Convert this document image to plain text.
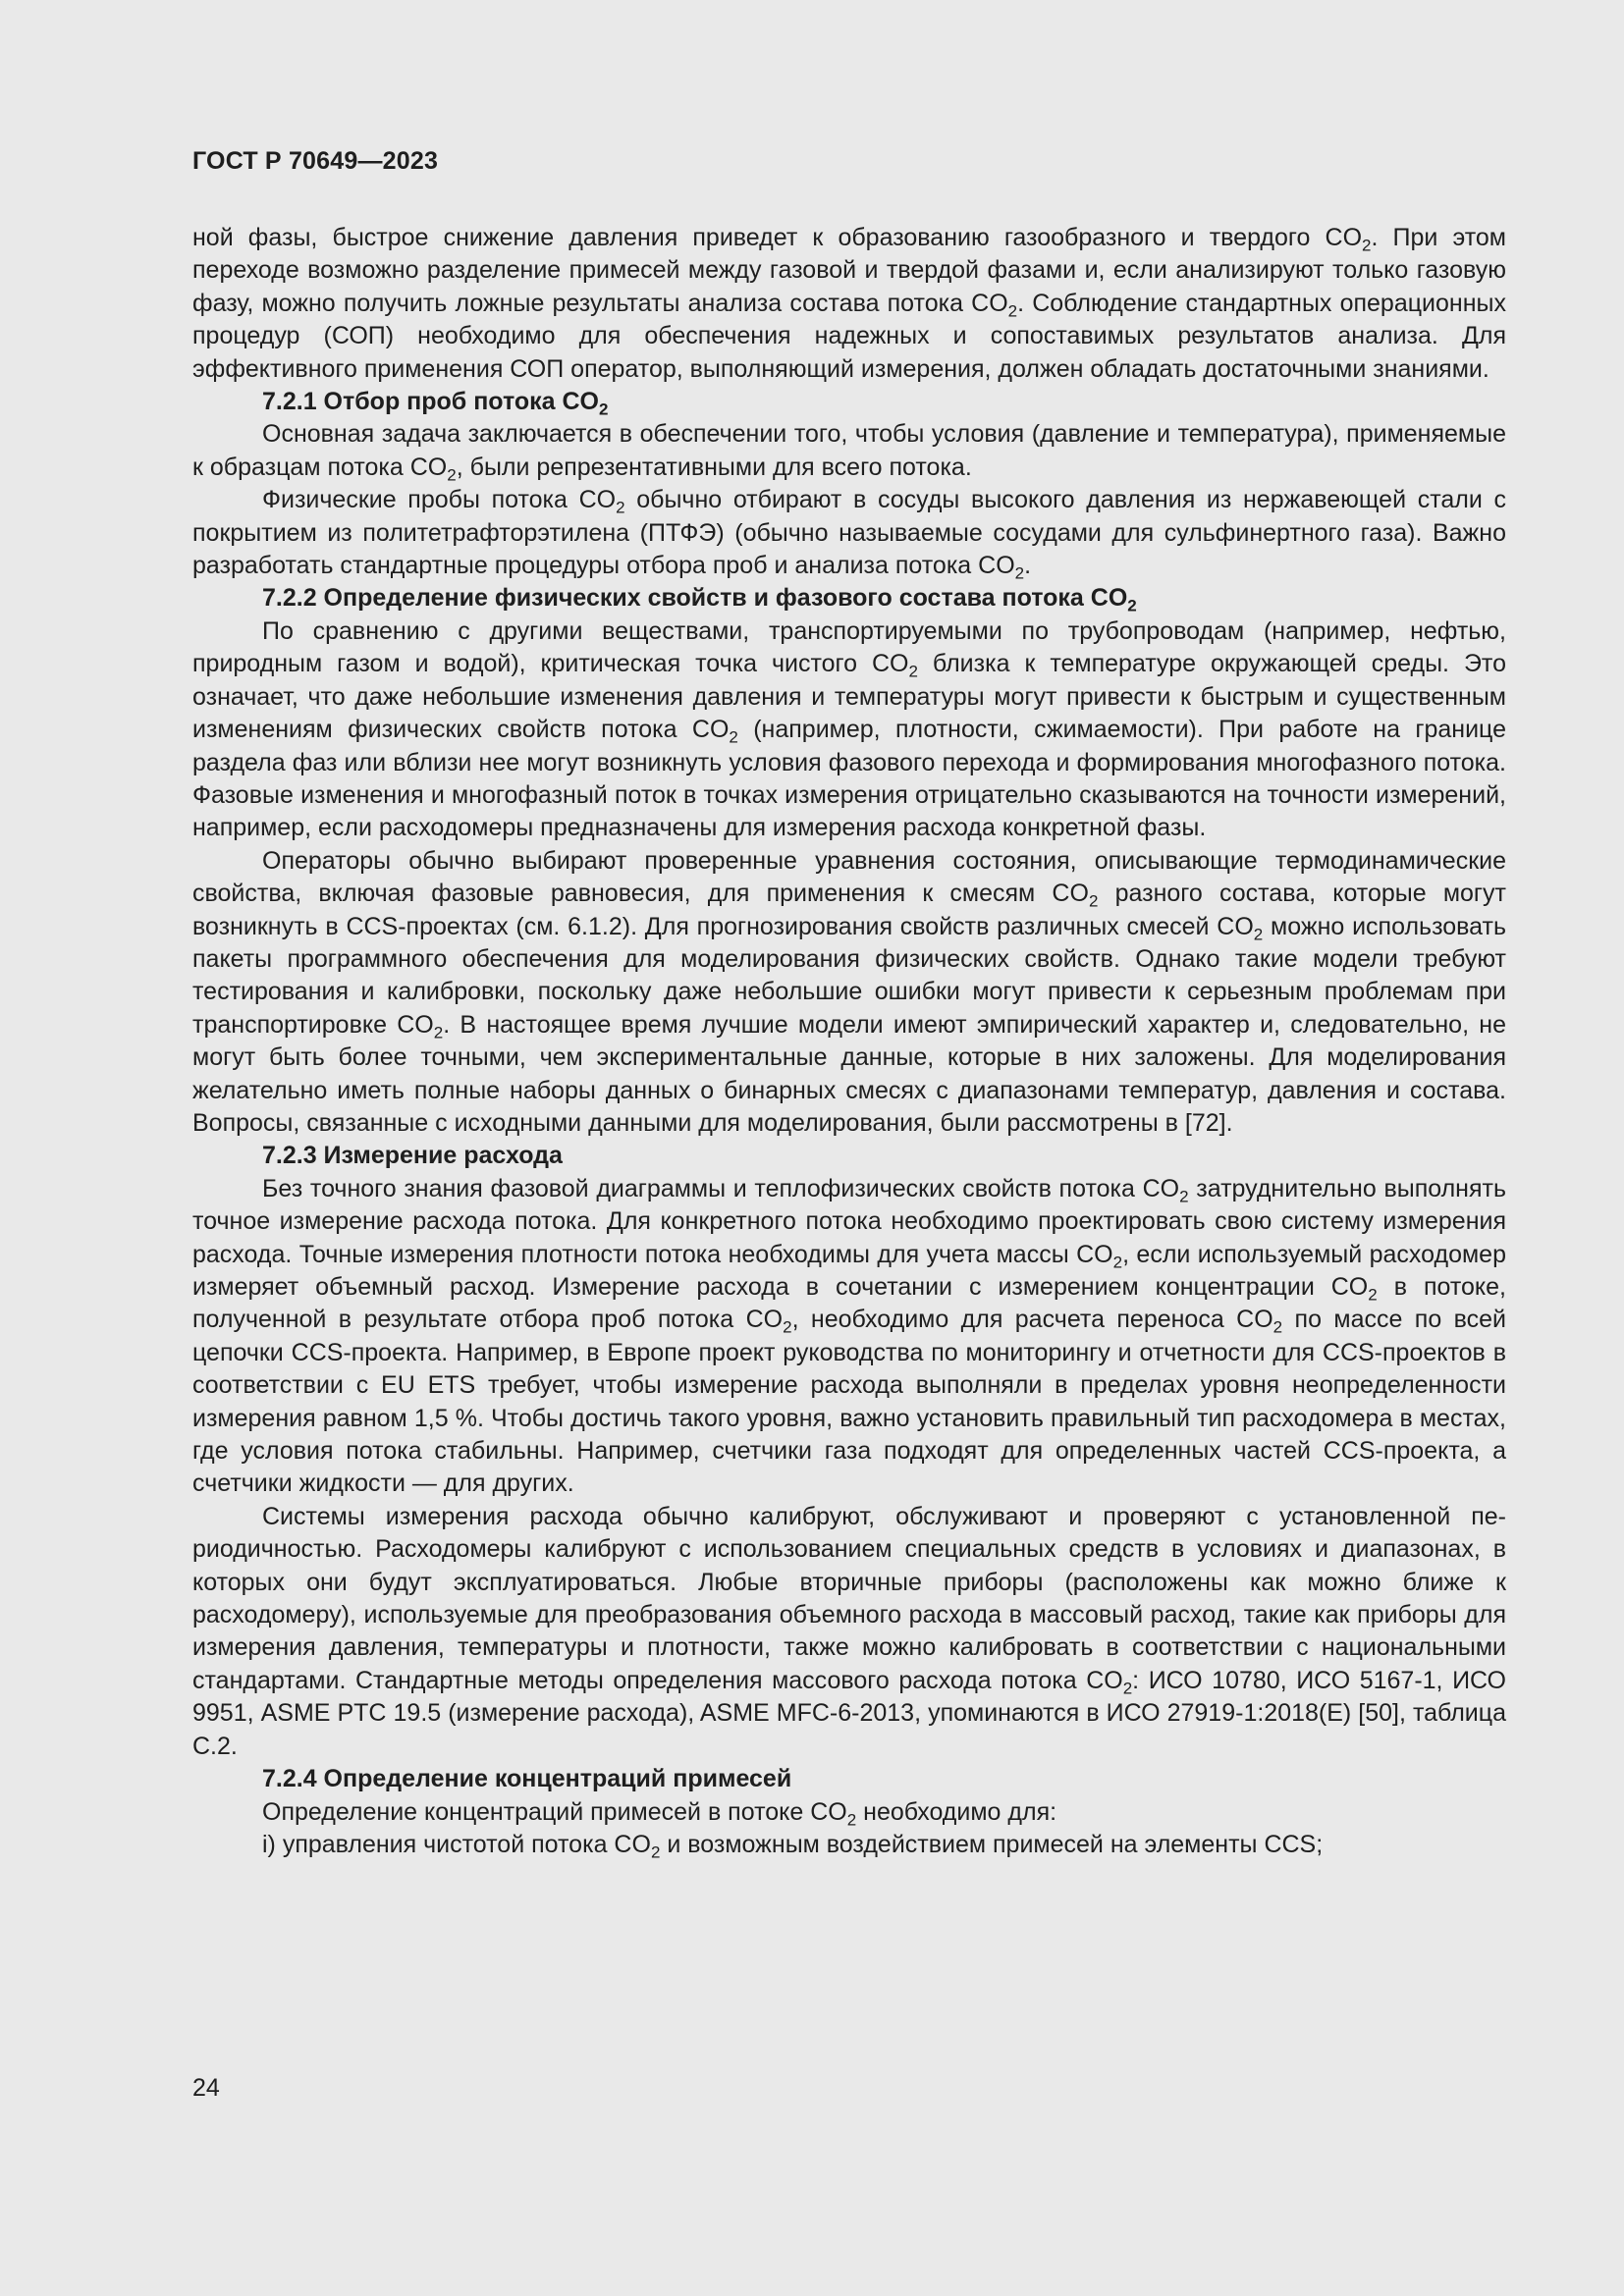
ГОСТ Р 70649—2023
ной фазы, быстрое снижение давления приведет к образованию газообразного и твердого $CO_2$. При этом переходе возможно разделение примесей между газовой и твердой фазами и, если анализируют только газовую фазу, можно получить ложные результаты анализа состава потока $CO_2$. Соблюдение стандартных операционных процедур (СОП) необходимо для обеспечения надежных и сопоставимых результатов анализа. Для эффективного применения СОП оператор, выполняющий измерения, должен обладать достаточными знаниями.
7.2.1 Отбор проб потока $CO_2$
Основная задача заключается в обеспечении того, чтобы условия (давление и температура), применяемые к образцам потока $CO_2$, были репрезентативными для всего потока.
Физические пробы потока $CO_2$ обычно отбирают в сосуды высокого давления из нержавеющей стали с покрытием из политетрафторэтилена (ПТФЭ) (обычно называемые сосудами для сульфинертного газа). Важно разработать стандартные процедуры отбора проб и анализа потока $CO_2$.
7.2.2 Определение физических свойств и фазового состава потока $CO_2$
По сравнению с другими веществами, транспортируемыми по трубопроводам (например, нефтью, природным газом и водой), критическая точка чистого $CO_2$ близка к температуре окружающей среды. Это означает, что даже небольшие изменения давления и температуры могут привести к быстрым и существенным изменениям физических свойств потока $CO_2$ (например, плотности, сжимаемости). При работе на границе раздела фаз или вблизи нее могут возникнуть условия фазового перехода и формирования многофазного потока. Фазовые изменения и многофазный поток в точках измерения отрицательно сказываются на точности измерений, например, если расходомеры предназначены для измерения расхода конкретной фазы.
Операторы обычно выбирают проверенные уравнения состояния, описывающие термодинамические свойства, включая фазовые равновесия, для применения к смесям $CO_2$ разного состава, которые могут возникнуть в CCS-проектах (см. 6.1.2). Для прогнозирования свойств различных смесей $CO_2$ можно использовать пакеты программного обеспечения для моделирования физических свойств. Однако такие модели требуют тестирования и калибровки, поскольку даже небольшие ошибки могут привести к серьезным проблемам при транспортировке $CO_2$. В настоящее время лучшие модели имеют эмпирический характер и, следовательно, не могут быть более точными, чем экспериментальные данные, которые в них заложены. Для моделирования желательно иметь полные наборы данных о бинарных смесях с диапазонами температур, давления и состава. Вопросы, связанные с исходными данными для моделирования, были рассмотрены в [72].
7.2.3 Измерение расхода
Без точного знания фазовой диаграммы и теплофизических свойств потока $CO_2$ затруднительно выполнять точное измерение расхода потока. Для конкретного потока необходимо проектировать свою систему измерения расхода. Точные измерения плотности потока необходимы для учета массы $CO_2$, если используемый расходомер измеряет объемный расход. Измерение расхода в сочетании с измерением концентрации $CO_2$ в потоке, полученной в результате отбора проб потока $CO_2$, необходимо для расчета переноса $CO_2$ по массе по всей цепочки CCS-проекта. Например, в Европе проект руководства по мониторингу и отчетности для CCS-проектов в соответствии с EU ETS требует, чтобы измерение расхода выполняли в пределах уровня неопределенности измерения равном 1,5 %. Чтобы достичь такого уровня, важно установить правильный тип расходомера в местах, где условия потока стабильны. Например, счетчики газа подходят для определенных частей CCS-проекта, а счетчики жидкости — для других.
Системы измерения расхода обычно калибруют, обслуживают и проверяют с установленной периодичностью. Расходомеры калибруют с использованием специальных средств в условиях и диапазонах, в которых они будут эксплуатироваться. Любые вторичные приборы (расположены как можно ближе к расходомеру), используемые для преобразования объемного расхода в массовый расход, такие как приборы для измерения давления, температуры и плотности, также можно калибровать в соответствии с национальными стандартами. Стандартные методы определения массового расхода потока $CO_2$: ИСО 10780, ИСО 5167-1, ИСО 9951, ASME PTC 19.5 (измерение расхода), ASME MFC-6-2013, упоминаются в ИСО 27919-1:2018(E) [50], таблица С.2.
7.2.4 Определение концентраций примесей
Определение концентраций примесей в потоке $CO_2$ необходимо для:
i) управления чистотой потока $CO_2$ и возможным воздействием примесей на элементы CCS;
24
